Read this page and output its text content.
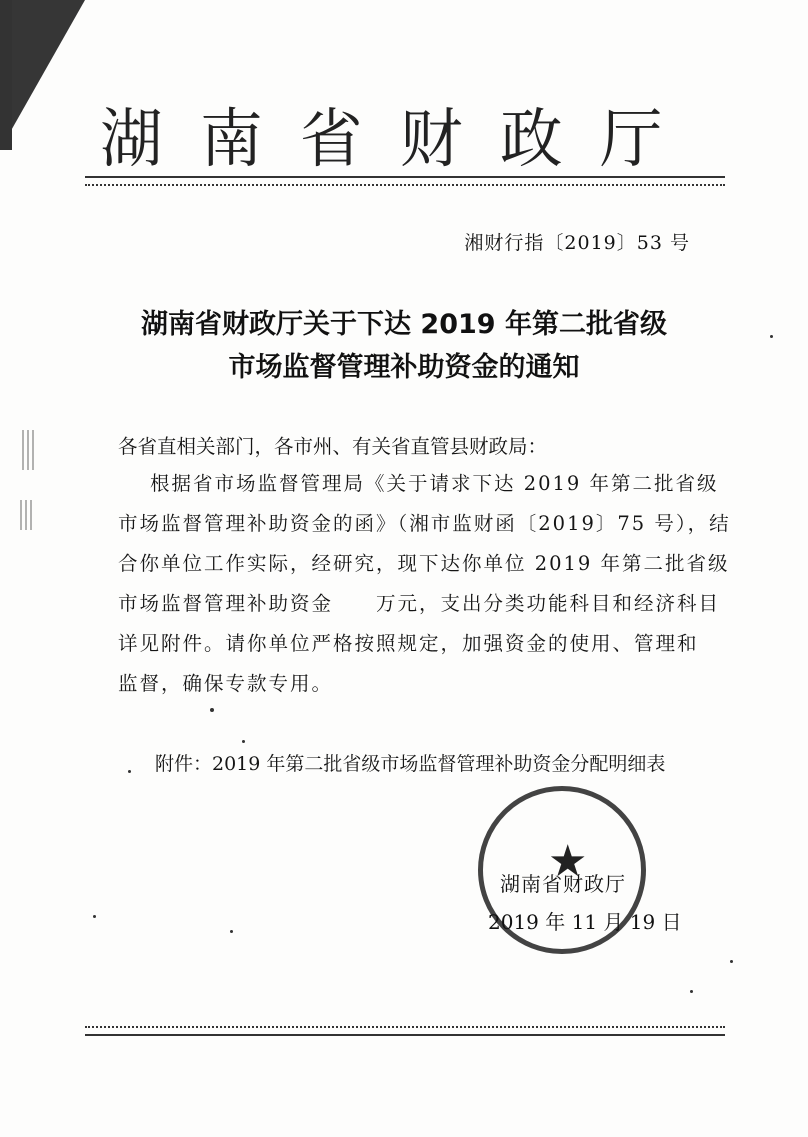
湖南省财政厅
湘财行指〔2019〕53 号
湖南省财政厅关于下达 2019 年第二批省级
市场监督管理补助资金的通知
各省直相关部门，各市州、有关省直管县财政局：
根据省市场监督管理局《关于请求下达 2019 年第二批省级
市场监督管理补助资金的函》（湘市监财函〔2019〕75 号），结
合你单位工作实际，经研究，现下达你单位 2019 年第二批省级
市场监督管理补助资金　　万元，支出分类功能科目和经济科目
详见附件。请你单位严格按照规定，加强资金的使用、管理和
监督，确保专款专用。
附件：2019 年第二批省级市场监督管理补助资金分配明细表
★
湖南省财政厅
2019 年 11 月 19 日
